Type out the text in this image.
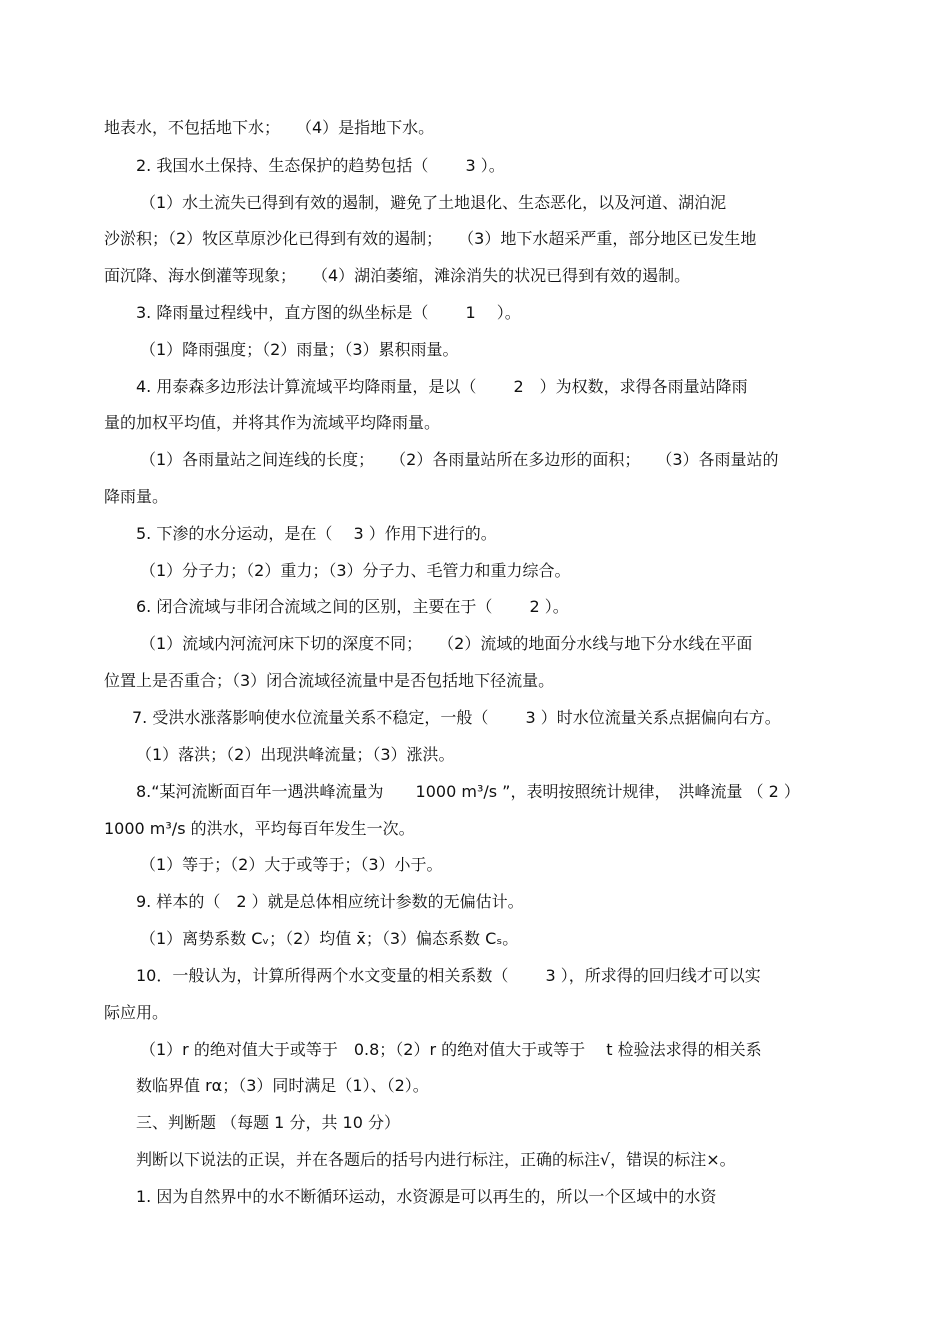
地表水，不包括地下水；　　（4）是指地下水。
2. 我国水土保持、生态保护的趋势包括（　　 3 ）。
（1）水土流失已得到有效的遏制，避免了土地退化、生态恶化，以及河道、湖泊泥
沙淤积；（2）牧区草原沙化已得到有效的遏制；　　（3）地下水超采严重，部分地区已发生地
面沉降、海水倒灌等现象；　　（4）湖泊萎缩，滩涂消失的状况已得到有效的遏制。
3. 降雨量过程线中，直方图的纵坐标是（　　 1 　）。
（1）降雨强度；（2）雨量；（3）累积雨量。
4. 用泰森多边形法计算流域平均降雨量，是以（　　 2　）为权数，求得各雨量站降雨
量的加权平均值，并将其作为流域平均降雨量。
（1）各雨量站之间连线的长度；　　（2）各雨量站所在多边形的面积；　　（3）各雨量站的
降雨量。
5. 下渗的水分运动，是在（　 3 ）作用下进行的。
（1）分子力；（2）重力；（3）分子力、毛管力和重力综合。
6. 闭合流域与非闭合流域之间的区别，主要在于（　　 2 ）。
（1）流域内河流河床下切的深度不同；　　（2）流域的地面分水线与地下分水线在平面
位置上是否重合；（3）闭合流域径流量中是否包括地下径流量。
7. 受洪水涨落影响使水位流量关系不稳定，一般（　　 3 ）时水位流量关系点据偏向右方。
（1）落洪；（2）出现洪峰流量；（3）涨洪。
8.“某河流断面百年一遇洪峰流量为　　1000 m³/s ”，表明按照统计规律，　洪峰流量 （ 2 ）
1000 m³/s 的洪水，平均每百年发生一次。
（1）等于；（2）大于或等于；（3）小于。
9. 样本的（　2 ）就是总体相应统计参数的无偏估计。
（1）离势系数 Cᵥ；（2）均值 x̄；（3）偏态系数 Cₛ。
10．一般认为，计算所得两个水文变量的相关系数（　　 3 ），所求得的回归线才可以实
际应用。
（1）r 的绝对值大于或等于　0.8；（2）r 的绝对值大于或等于　 t 检验法求得的相关系
数临界值 rα；（3）同时满足（1）、（2）。
三、判断题 （每题 1 分，共 10 分）
判断以下说法的正误，并在各题后的括号内进行标注，正确的标注√，错误的标注×。
1. 因为自然界中的水不断循环运动，水资源是可以再生的，所以一个区域中的水资
